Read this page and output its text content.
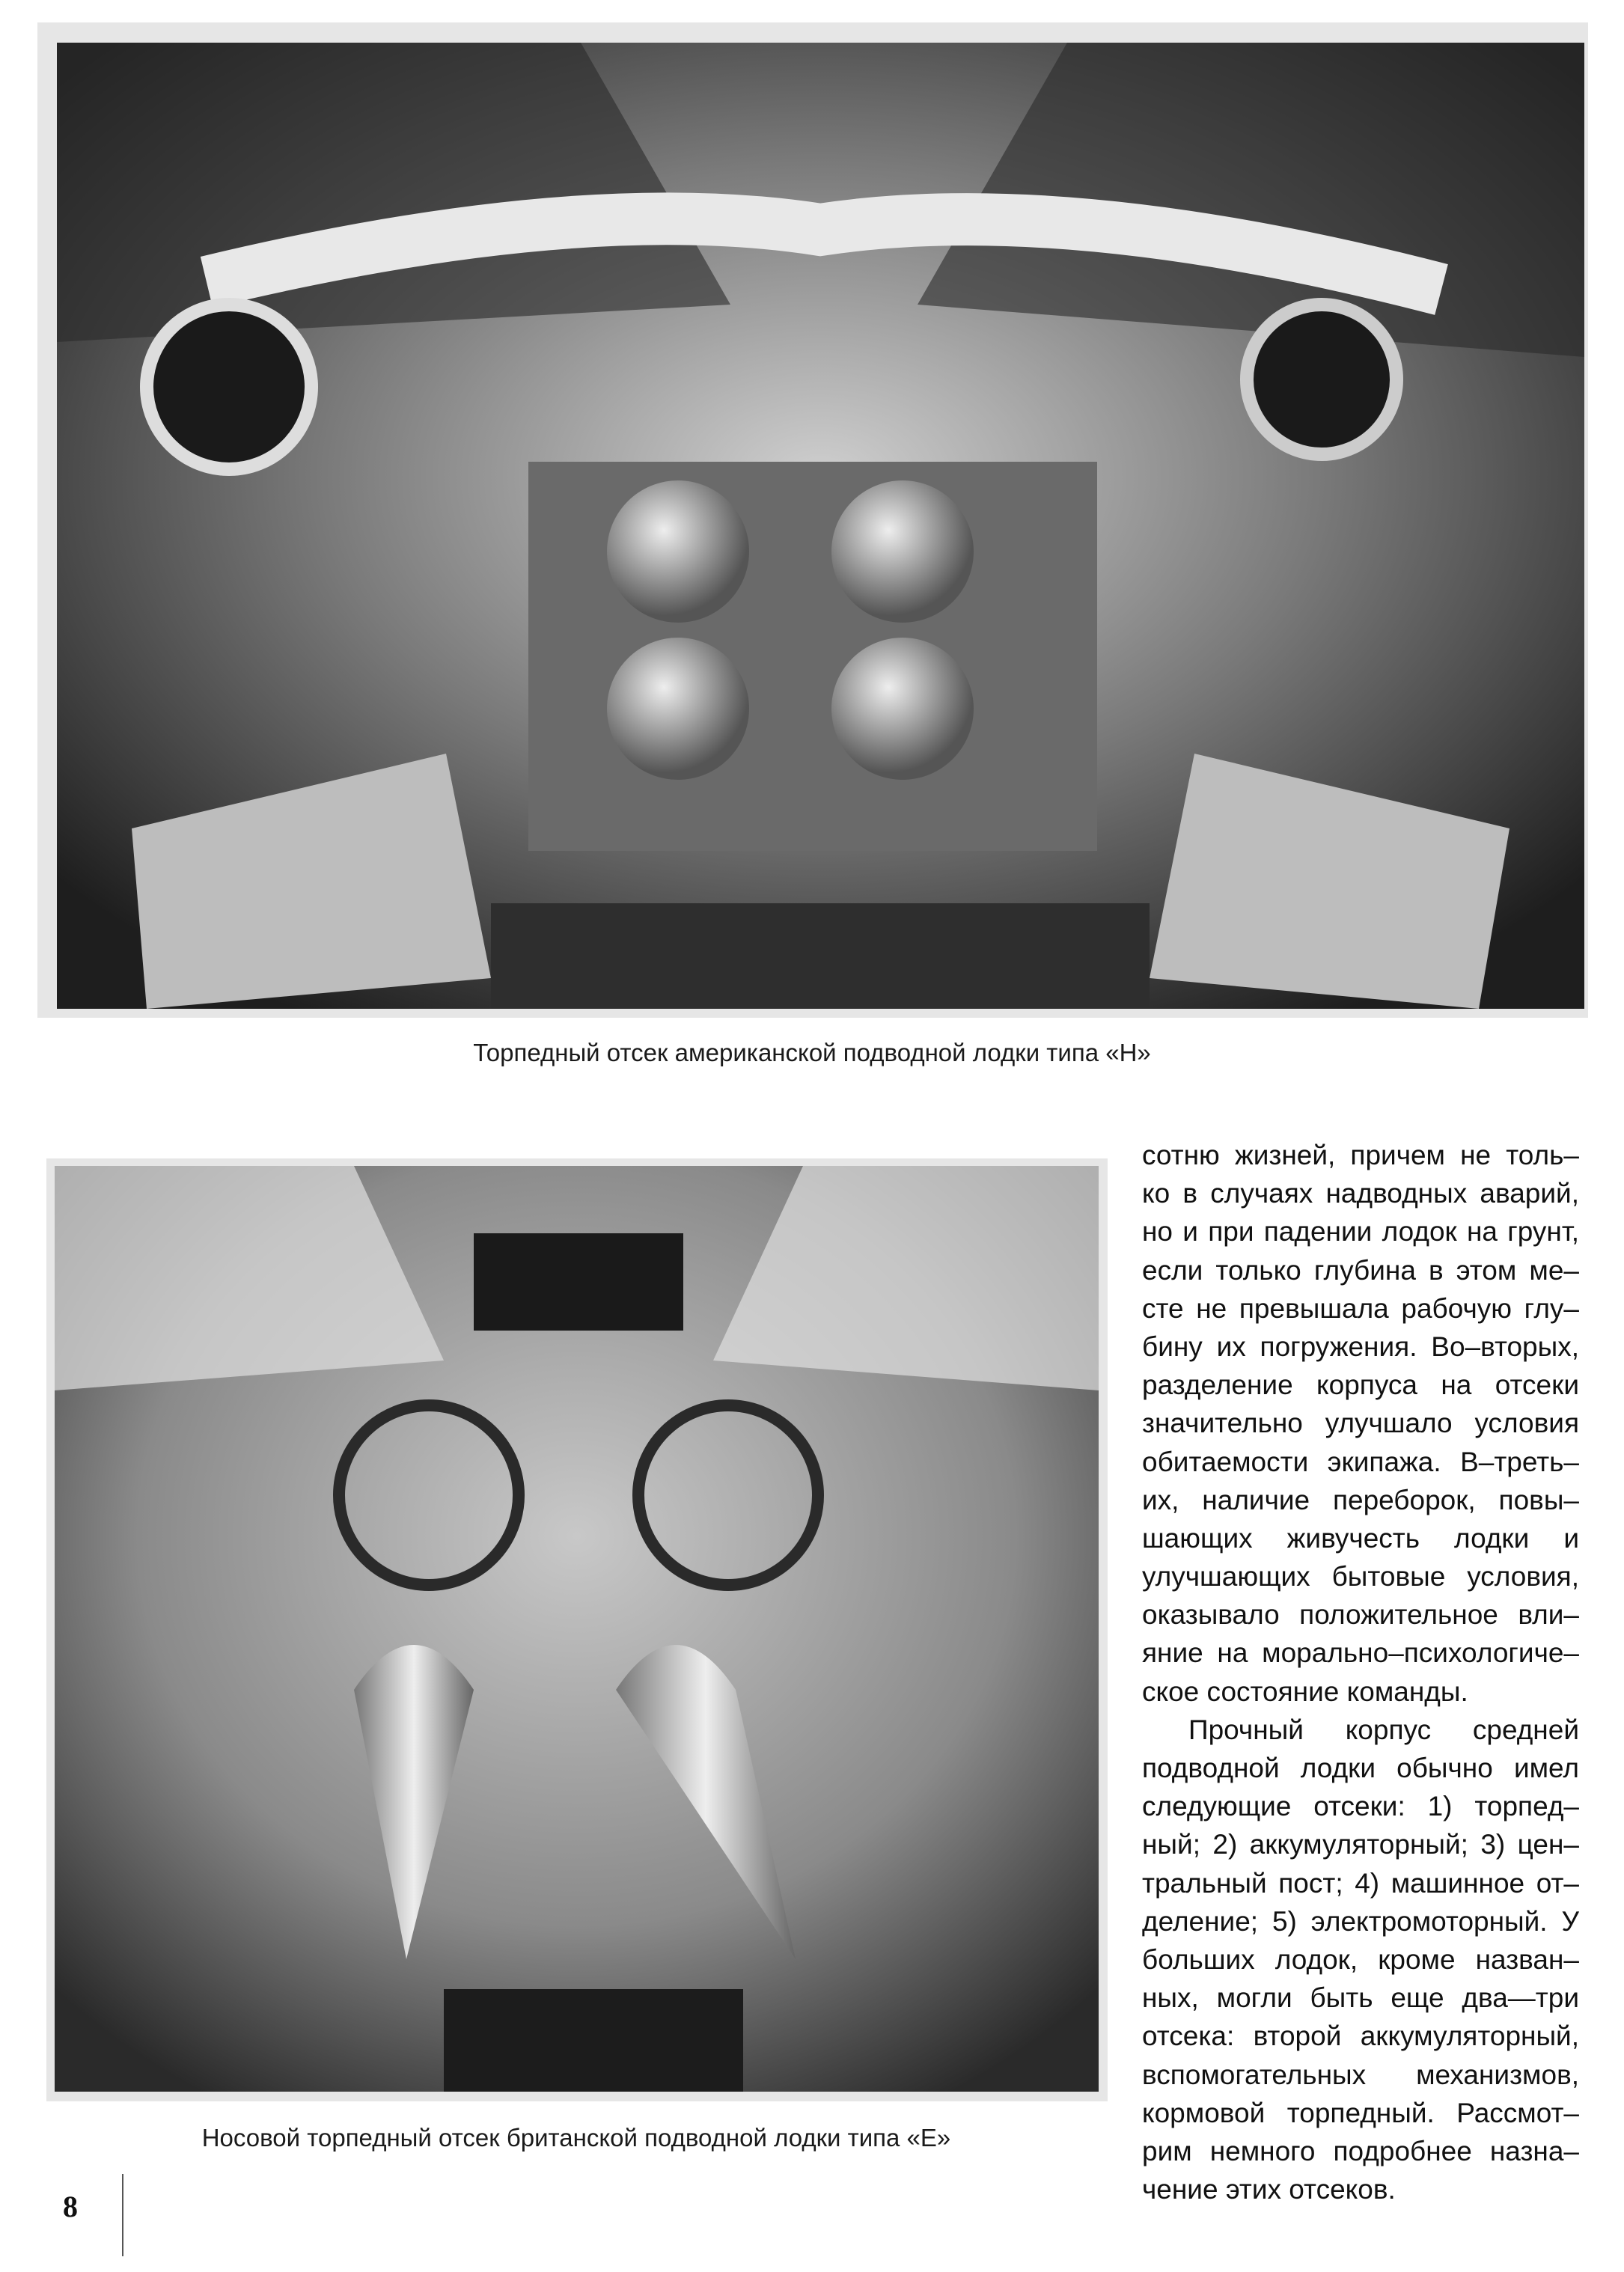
Торпедный отсек американской подводной лодки типа «Н»
Носовой торпедный отсек британской подводной лодки типа «Е»
сотню жизней, причем не толь–
ко в случаях надводных аварий,
но и при падении лодок на грунт,
если только глубина в этом ме–
сте не превышала рабочую глу–
бину их погружения. Во–вторых,
разделение корпуса на отсеки
значительно улучшало условия
обитаемости экипажа. В–треть–
их, наличие переборок, повы–
шающих живучесть лодки и
улучшающих бытовые условия,
оказывало положительное вли–
яние на морально–психологиче–
ское состояние команды.
Прочный корпус средней
подводной лодки обычно имел
следующие отсеки: 1) торпед–
ный; 2) аккумуляторный; 3) цен–
тральный пост; 4) машинное от–
деление; 5) электромоторный. У
больших лодок, кроме назван–
ных, могли быть еще два—три
отсека: второй аккумуляторный,
вспомогательных механизмов,
кормовой торпедный. Рассмот–
рим немного подробнее назна–
чение этих отсеков.
8
